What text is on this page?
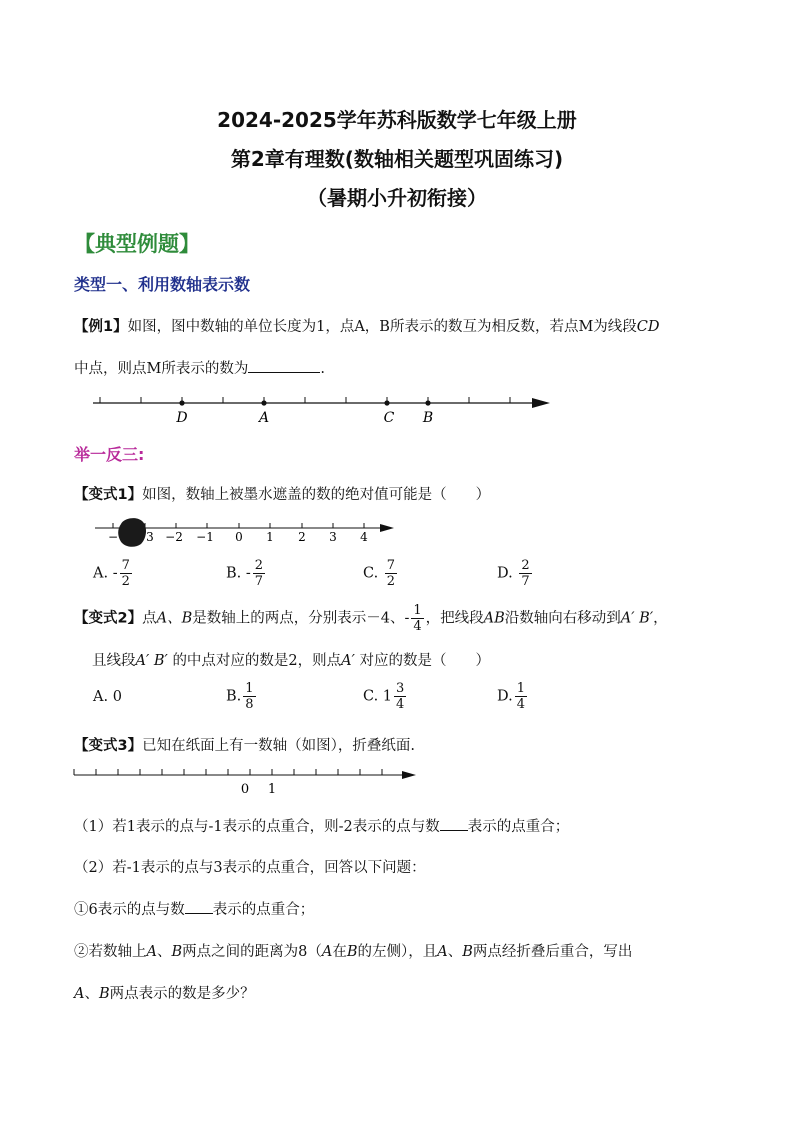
2024-2025学年苏科版数学七年级上册
第2章有理数(数轴相关题型巩固练习)
（暑期小升初衔接）
【典型例题】
类型一、利用数轴表示数
【例1】如图，图中数轴的单位长度为1，点A，B所表示的数互为相反数，若点M为线段CD
中点，则点M所表示的数为	.
D	A	C B
举一反三:
【变式1】如图，数轴上被墨水遮盖的数的绝对值可能是（　　）
− 3 −2 −1 0 1 2 3 4
A. - $\frac{7}{2}$	B. - $\frac{2}{7}$	C. $\frac{7}{2}$	D. $\frac{2}{7}$
【变式2】点A、B是数轴上的两点，分别表示－4、- $\frac{1}{4}$ ，把线段AB沿数轴向右移动到A′ B′，
且线段A′ B′ 的中点对应的数是2，则点A′ 对应的数是（　　）
A. 0	B. $\frac{1}{8}$	C. $1 \frac{3}{4}$	D. $\frac{1}{4}$
【变式3】已知在纸面上有一数轴（如图），折叠纸面.
0 1
（1）若1表示的点与-1表示的点重合，则-2表示的点与数 表示的点重合；
（2）若-1表示的点与3表示的点重合，回答以下问题：
①6表示的点与数 表示的点重合；
②若数轴上A、B两点之间的距离为8（A在B的左侧），且A、B两点经折叠后重合，写出
A、B两点表示的数是多少？
